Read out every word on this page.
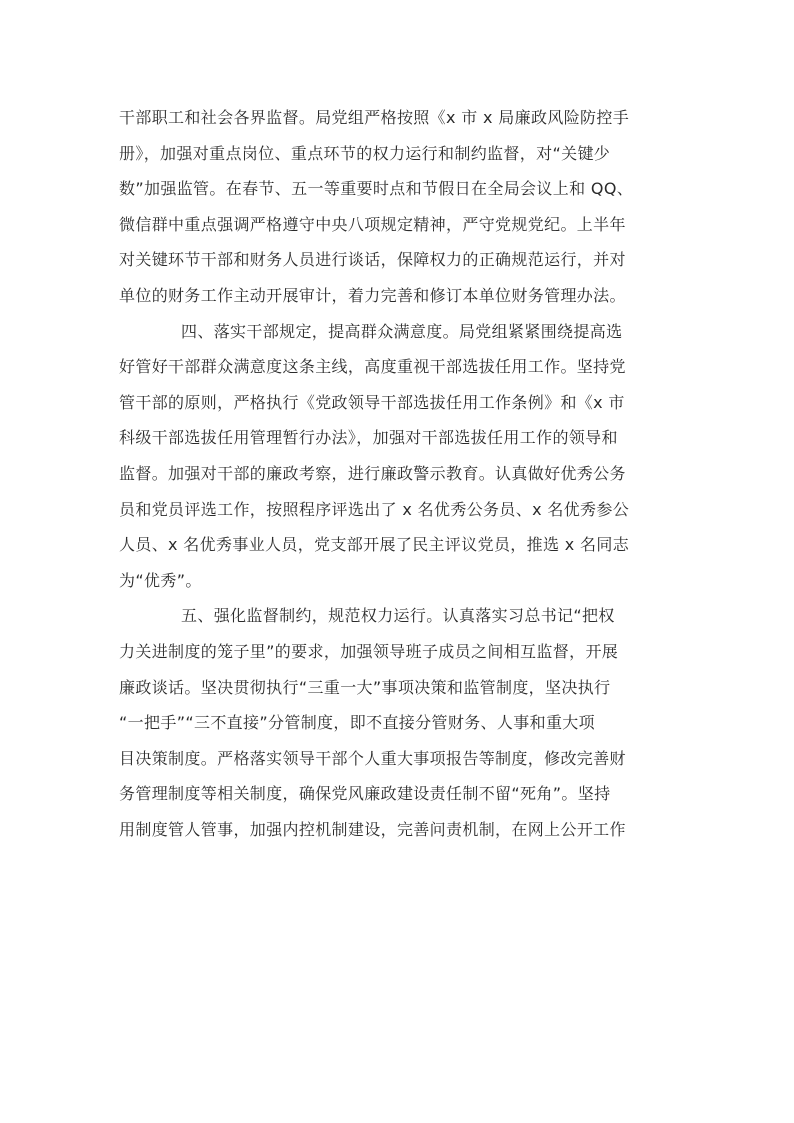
干部职工和社会各界监督。局党组严格按照《x 市 x 局廉政风险防控手
册》，加强对重点岗位、重点环节的权力运行和制约监督，对“关键少
数”加强监管。在春节、五一等重要时点和节假日在全局会议上和 QQ、
微信群中重点强调严格遵守中央八项规定精神，严守党规党纪。上半年
对关键环节干部和财务人员进行谈话，保障权力的正确规范运行，并对
单位的财务工作主动开展审计，着力完善和修订本单位财务管理办法。
四、落实干部规定，提高群众满意度。局党组紧紧围绕提高选
好管好干部群众满意度这条主线，高度重视干部选拔任用工作。坚持党
管干部的原则，严格执行《党政领导干部选拔任用工作条例》和《x 市
科级干部选拔任用管理暂行办法》，加强对干部选拔任用工作的领导和
监督。加强对干部的廉政考察，进行廉政警示教育。认真做好优秀公务
员和党员评选工作，按照程序评选出了 x 名优秀公务员、x 名优秀参公
人员、x 名优秀事业人员，党支部开展了民主评议党员，推选 x 名同志
为“优秀”。
五、强化监督制约，规范权力运行。认真落实习总书记“把权
力关进制度的笼子里”的要求，加强领导班子成员之间相互监督，开展
廉政谈话。坚决贯彻执行“三重一大”事项决策和监管制度，坚决执行
“一把手”“三不直接”分管制度，即不直接分管财务、人事和重大项
目决策制度。严格落实领导干部个人重大事项报告等制度，修改完善财
务管理制度等相关制度，确保党风廉政建设责任制不留“死角”。坚持
用制度管人管事，加强内控机制建设，完善问责机制，在网上公开工作
